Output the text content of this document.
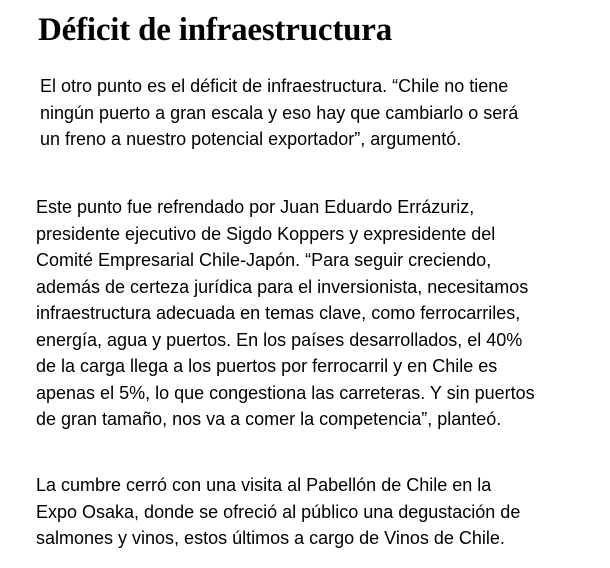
Déficit de infraestructura

El otro punto es el déficit de infraestructura. “Chile no tiene
ningún puerto a gran escala y eso hay que cambiarlo o será
un freno a nuestro potencial exportador”, argumentó.

Este punto fue refrendado por Juan Eduardo Errázuriz,
presidente ejecutivo de Sigdo Koppers y expresidente del
Comité Empresarial Chile-Japón. “Para seguir creciendo,
además de certeza jurídica para el inversionista, necesitamos
infraestructura adecuada en temas clave, como ferrocarriles,
energía, agua y puertos. En los países desarrollados, el 40%
de la carga llega a los puertos por ferrocarril y en Chile es
apenas el 5%, lo que congestiona las carreteras. Y sin puertos
de gran tamaño, nos va a comer la competencia”, planteó.

La cumbre cerró con una visita al Pabellón de Chile en la
Expo Osaka, donde se ofreció al público una degustación de
salmones y vinos, estos últimos a cargo de Vinos de Chile.
